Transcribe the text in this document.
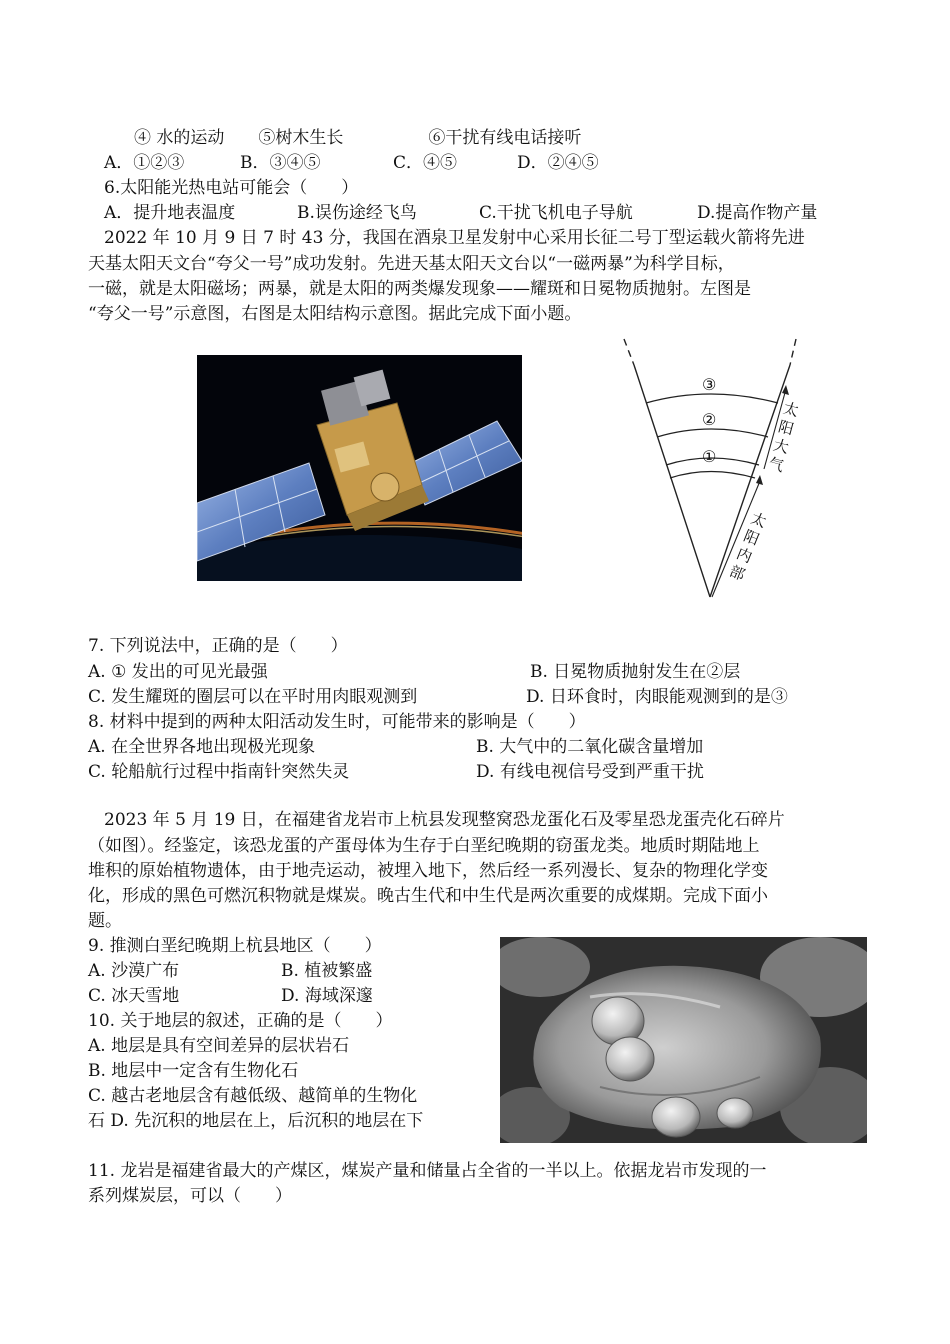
④ 水的运动　　⑤树木生长　　　　　⑥干扰有线电话接听
A．①②③	B．③④⑤	C．④⑤	D．②④⑤
6.太阳能光热电站可能会（　　）
A．提升地表温度	B.误伤途经飞鸟	C.干扰飞机电子导航	D.提高作物产量
2022 年 10 月 9 日 7 时 43 分，我国在酒泉卫星发射中心采用长征二号丁型运载火箭将先进
天基太阳天文台“夸父一号”成功发射。先进天基太阳天文台以“一磁两暴”为科学目标，
一磁，就是太阳磁场；两暴，就是太阳的两类爆发现象——耀斑和日冕物质抛射。左图是
“夸父一号”示意图，右图是太阳结构示意图。据此完成下面小题。
③
②
①
太
阳
大
气
太
阳
内
部
7. 下列说法中，正确的是（　　）
A. ① 发出的可见光最强	B. 日冕物质抛射发生在②层
C. 发生耀斑的圈层可以在平时用肉眼观测到	D. 日环食时，肉眼能观测到的是③
8. 材料中提到的两种太阳活动发生时，可能带来的影响是（　　）
A. 在全世界各地出现极光现象	B. 大气中的二氧化碳含量增加
C. 轮船航行过程中指南针突然失灵	D. 有线电视信号受到严重干扰
2023 年 5 月 19 日，在福建省龙岩市上杭县发现整窝恐龙蛋化石及零星恐龙蛋壳化石碎片
（如图）。经鉴定，该恐龙蛋的产蛋母体为生存于白垩纪晚期的窃蛋龙类。地质时期陆地上
堆积的原始植物遗体，由于地壳运动，被埋入地下，然后经一系列漫长、复杂的物理化学变
化，形成的黑色可燃沉积物就是煤炭。晚古生代和中生代是两次重要的成煤期。完成下面小
题。
9. 推测白垩纪晚期上杭县地区（　　）
A. 沙漠广布	B. 植被繁盛
C. 冰天雪地	D. 海域深邃
10. 关于地层的叙述，正确的是（　　）
A. 地层是具有空间差异的层状岩石
B. 地层中一定含有生物化石
C. 越古老地层含有越低级、越简单的生物化
石 D. 先沉积的地层在上，后沉积的地层在下
11. 龙岩是福建省最大的产煤区，煤炭产量和储量占全省的一半以上。依据龙岩市发现的一
系列煤炭层，可以（　　）
